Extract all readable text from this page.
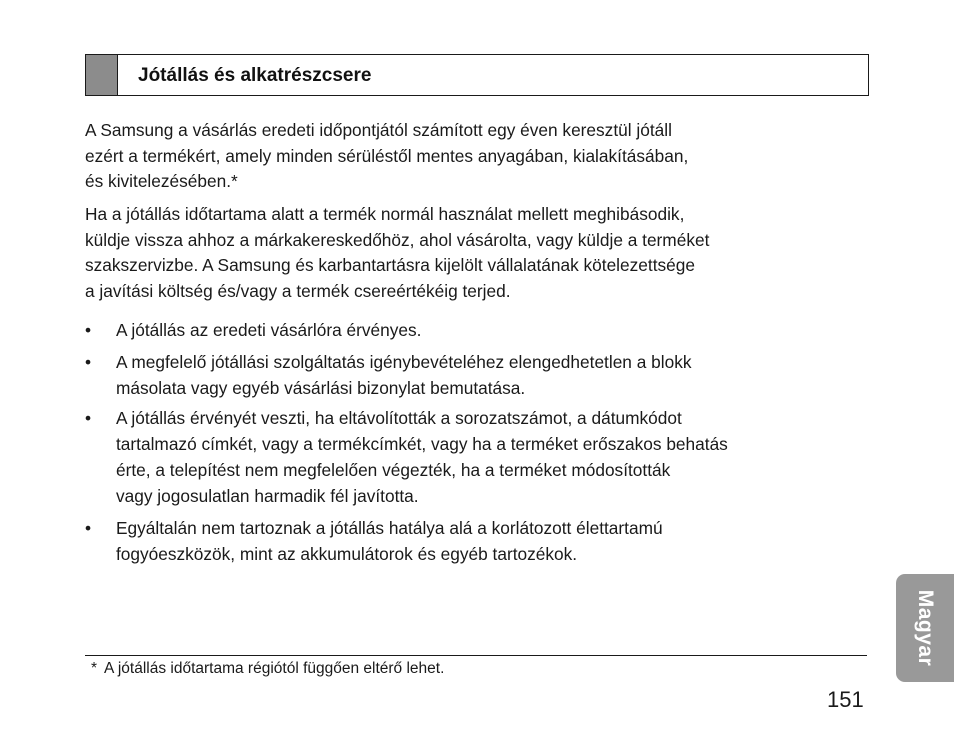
Jótállás és alkatrészcsere

A Samsung a vásárlás eredeti időpontjától számított egy éven keresztül jótáll
ezért a termékért, amely minden sérüléstől mentes anyagában, kialakításában,
és kivitelezésében.*

Ha a jótállás időtartama alatt a termék normál használat mellett meghibásodik,
küldje vissza ahhoz a márkakereskedőhöz, ahol vásárolta, vagy küldje a terméket
szakszervizbe. A Samsung és karbantartásra kijelölt vállalatának kötelezettsége
a javítási költség és/vagy a termék csereértékéig terjed.

•	A jótállás az eredeti vásárlóra érvényes.
•	A megfelelő jótállási szolgáltatás igénybevételéhez elengedhetetlen a blokk
másolata vagy egyéb vásárlási bizonylat bemutatása.
•	A jótállás érvényét veszti, ha eltávolították a sorozatszámot, a dátumkódot
tartalmazó címkét, vagy a termékcímkét, vagy ha a terméket erőszakos behatás
érte, a telepítést nem megfelelően végezték, ha a terméket módosították
vagy jogosulatlan harmadik fél javította.
•	Egyáltalán nem tartoznak a jótállás hatálya alá a korlátozott élettartamú
fogyóeszközök, mint az akkumulátorok és egyéb tartozékok.
* A jótállás időtartama régiótól függően eltérő lehet.
151
Magyar
